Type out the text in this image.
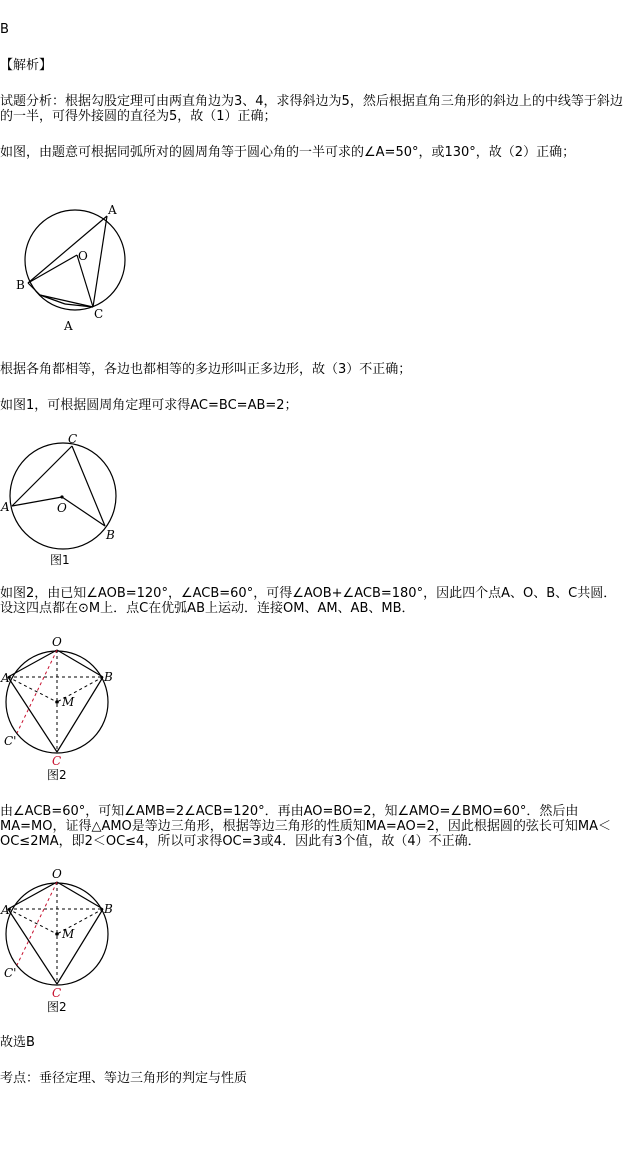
B
【解析】
试题分析：根据勾股定理可由两直角边为3、4，求得斜边为5，然后根据直角三角形的斜边上的中线等于斜边的一半，可得外接圆的直径为5，故（1）正确；
如图，由题意可根据同弧所对的圆周角等于圆心角的一半可求的∠A=50°，或130°，故（2）正确；
A
O
B
C
A
根据各角都相等，各边也都相等的多边形叫正多边形，故（3）不正确；
如图1，可根据圆周角定理可求得AC=BC=AB=2；
C
A	O
B
图1
如图2，由已知∠AOB=120°，∠ACB=60°，可得∠AOB+∠ACB=180°，因此四个点A、O、B、C共圆．设这四点都在⊙M上．点C在优弧AB上运动．连接OM、AM、AB、MB．
O
A	B
M
C'
C
图2
由∠ACB=60°，可知∠AMB=2∠ACB=120°．再由AO=BO=2，知∠AMO=∠BMO=60°．然后由MA=MO，证得△AMO是等边三角形，根据等边三角形的性质知MA=AO=2，因此根据圆的弦长可知MA＜OC≤2MA，即2＜OC≤4，所以可求得OC=3或4．因此有3个值，故（4）不正确．
O
A	B
M
C'
C
图2
故选B
考点：垂径定理、等边三角形的判定与性质
